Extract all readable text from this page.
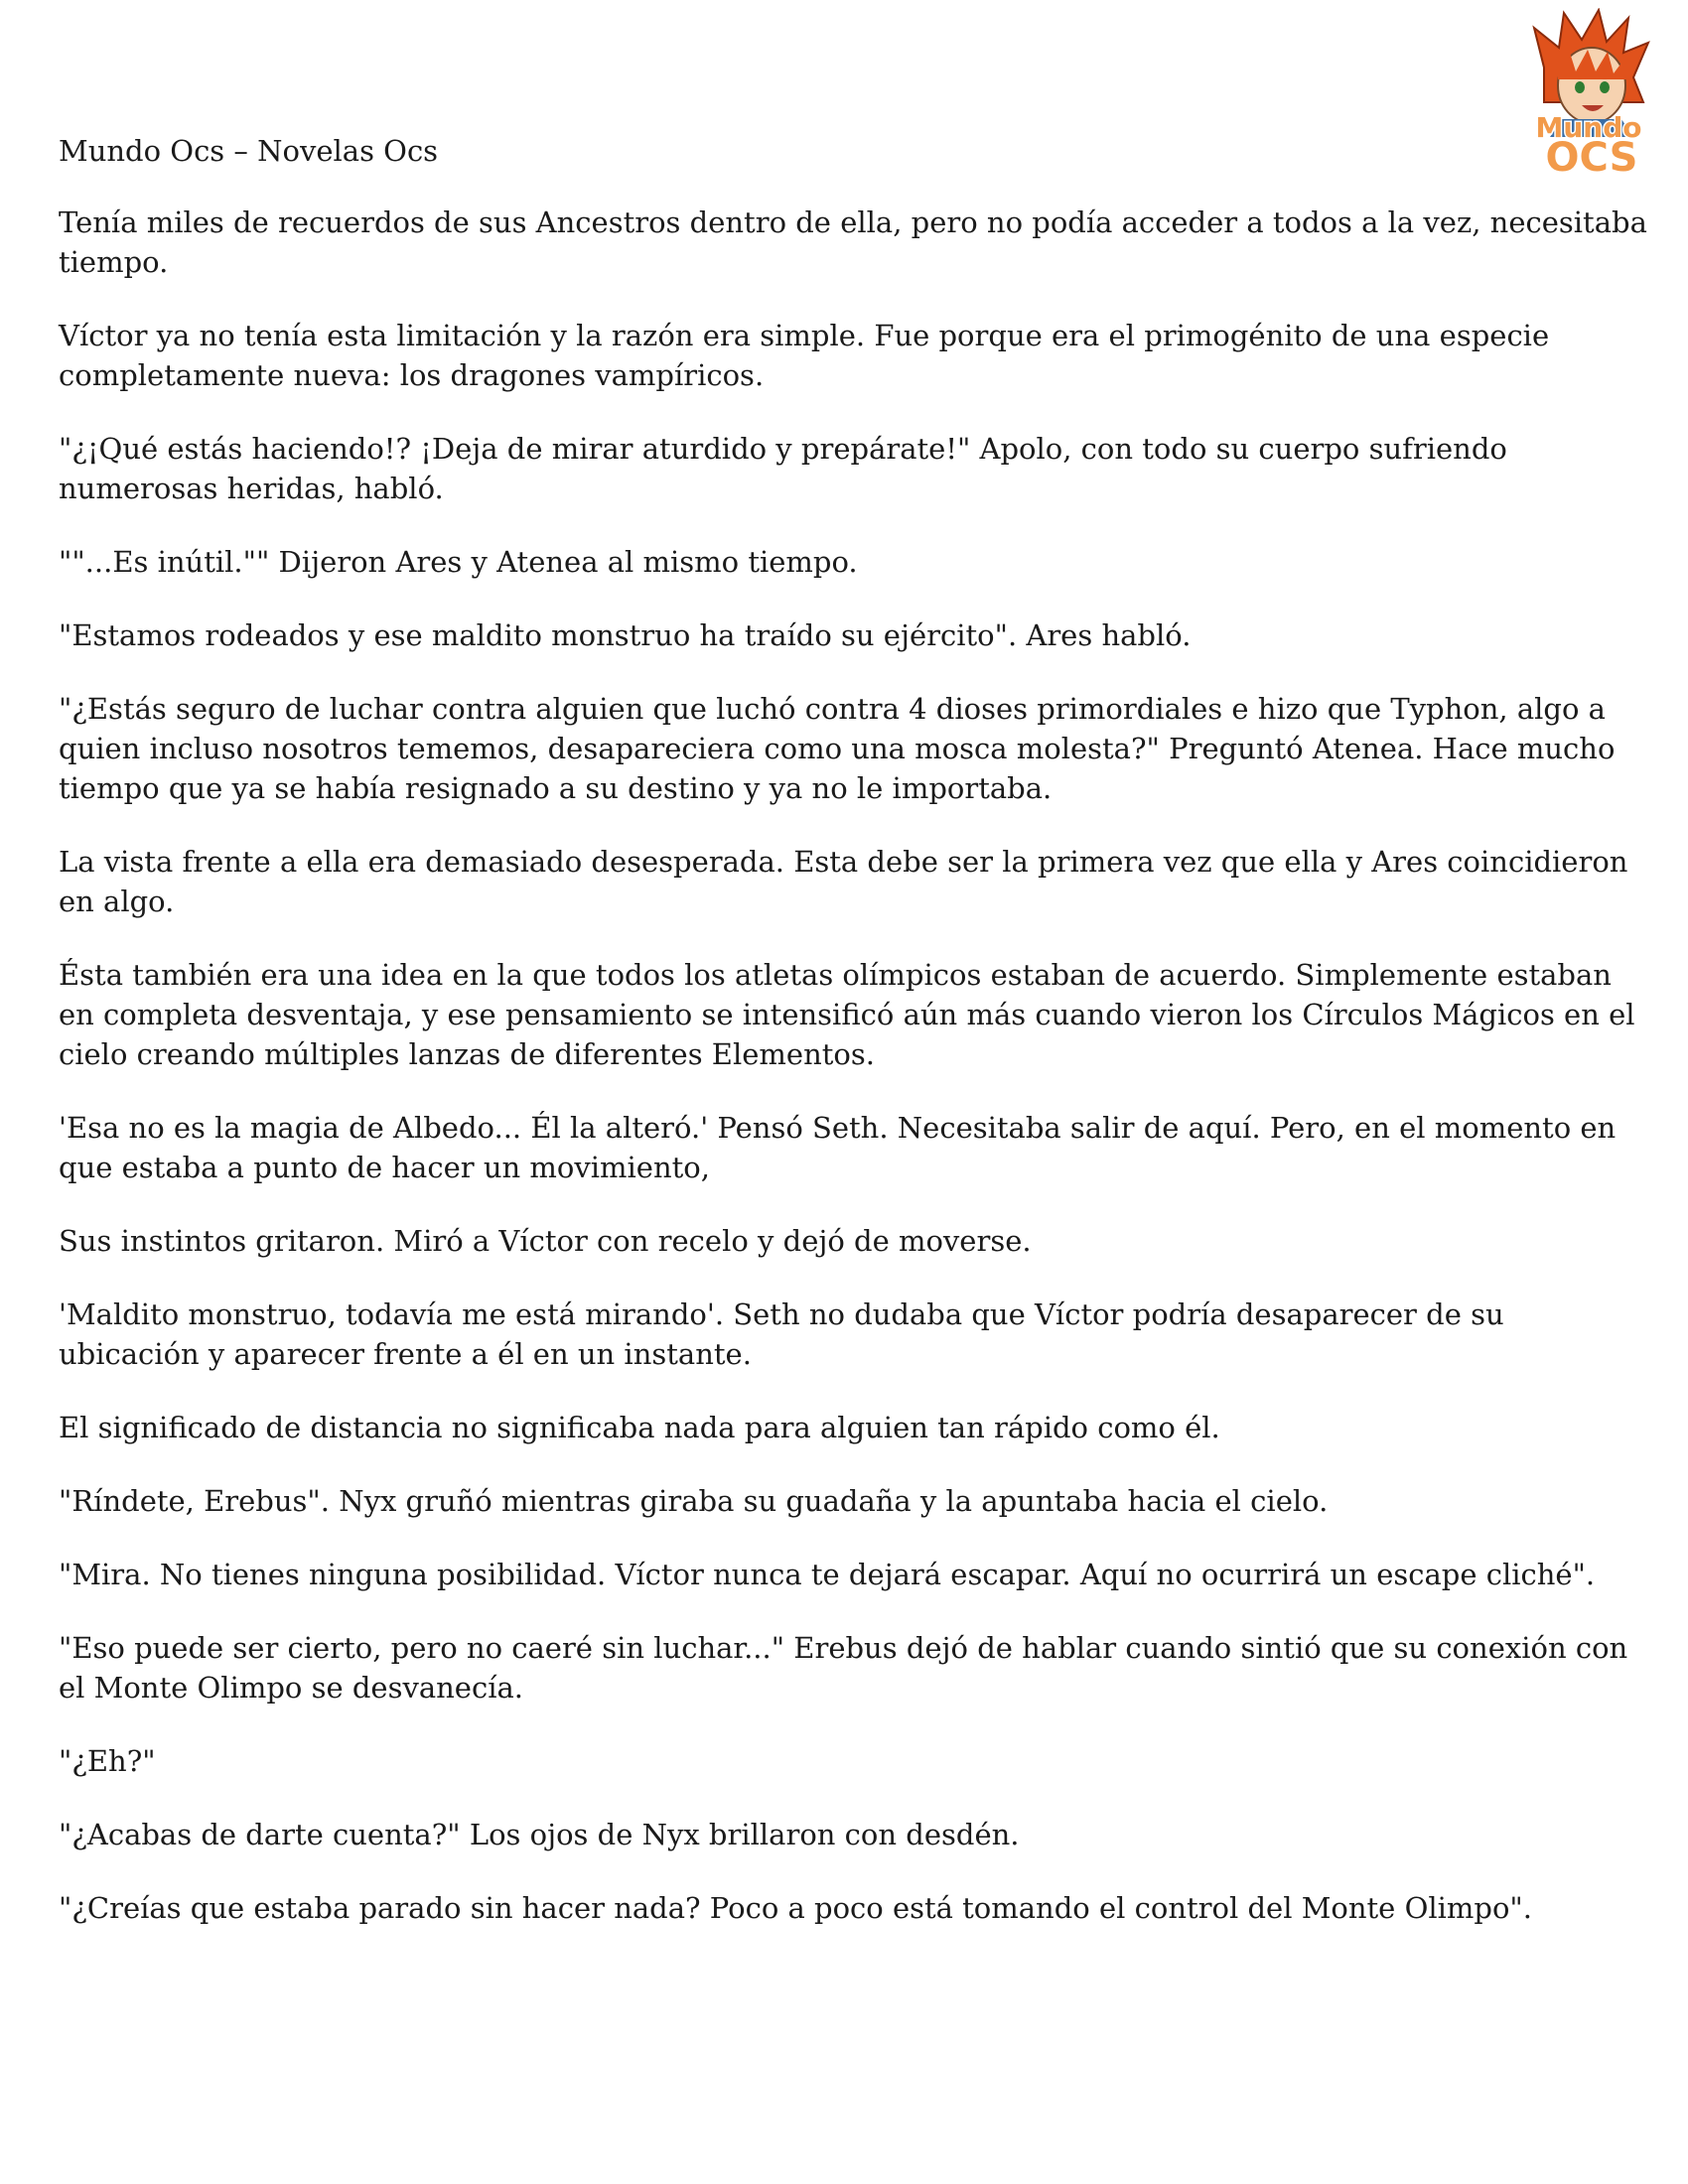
Mundo
OCS
Mundo Ocs – Novelas Ocs

Tenía miles de recuerdos de sus Ancestros dentro de ella, pero no podía acceder a todos a la vez, necesitaba tiempo.

Víctor ya no tenía esta limitación y la razón era simple. Fue porque era el primogénito de una especie completamente nueva: los dragones vampíricos.

"¿¡Qué estás haciendo!? ¡Deja de mirar aturdido y prepárate!" Apolo, con todo su cuerpo sufriendo numerosas heridas, habló.

""...Es inútil."" Dijeron Ares y Atenea al mismo tiempo.

"Estamos rodeados y ese maldito monstruo ha traído su ejército". Ares habló.

"¿Estás seguro de luchar contra alguien que luchó contra 4 dioses primordiales e hizo que Typhon, algo a quien incluso nosotros tememos, desapareciera como una mosca molesta?" Preguntó Atenea. Hace mucho tiempo que ya se había resignado a su destino y ya no le importaba.

La vista frente a ella era demasiado desesperada. Esta debe ser la primera vez que ella y Ares coincidieron en algo.

Ésta también era una idea en la que todos los atletas olímpicos estaban de acuerdo. Simplemente estaban en completa desventaja, y ese pensamiento se intensificó aún más cuando vieron los Círculos Mágicos en el cielo creando múltiples lanzas de diferentes Elementos.

'Esa no es la magia de Albedo... Él la alteró.' Pensó Seth. Necesitaba salir de aquí. Pero, en el momento en que estaba a punto de hacer un movimiento,

Sus instintos gritaron. Miró a Víctor con recelo y dejó de moverse.

'Maldito monstruo, todavía me está mirando'. Seth no dudaba que Víctor podría desaparecer de su ubicación y aparecer frente a él en un instante.

El significado de distancia no significaba nada para alguien tan rápido como él.

"Ríndete, Erebus". Nyx gruñó mientras giraba su guadaña y la apuntaba hacia el cielo.

"Mira. No tienes ninguna posibilidad. Víctor nunca te dejará escapar. Aquí no ocurrirá un escape cliché".

"Eso puede ser cierto, pero no caeré sin luchar..." Erebus dejó de hablar cuando sintió que su conexión con el Monte Olimpo se desvanecía.

"¿Eh?"

"¿Acabas de darte cuenta?" Los ojos de Nyx brillaron con desdén.

"¿Creías que estaba parado sin hacer nada? Poco a poco está tomando el control del Monte Olimpo".
